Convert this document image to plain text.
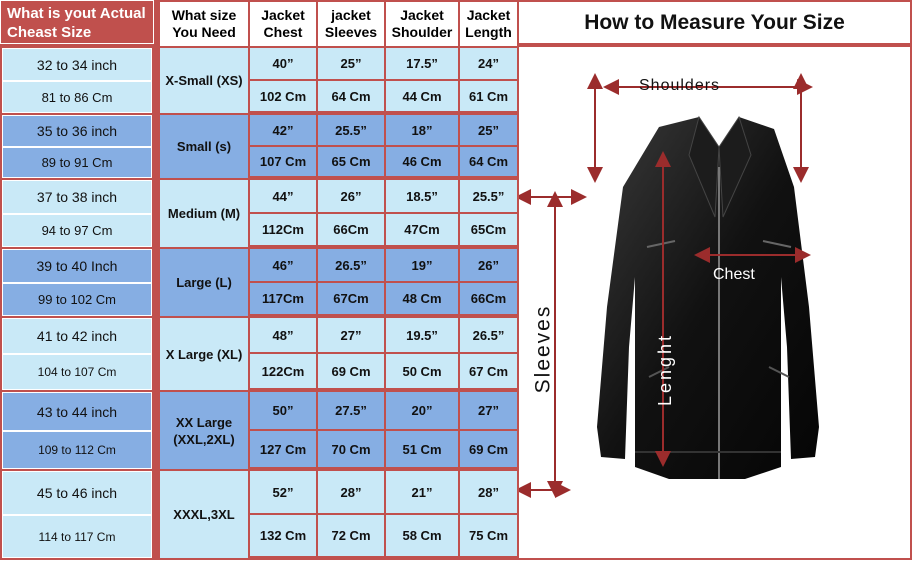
What is yout Actual Cheast Size
What size You Need
Jacket Chest
jacket Sleeves
Jacket Shoulder
Jacket Length
32 to 34 inch
81 to 86 Cm
X-Small (XS)
40”
102 Cm
25”
64 Cm
17.5”
44 Cm
24”
61 Cm
35 to 36 inch
89 to 91 Cm
Small (s)
42”
107 Cm
25.5”
65 Cm
18”
46 Cm
25”
64 Cm
37 to 38 inch
94 to 97 Cm
Medium (M)
44”
112Cm
26”
66Cm
18.5”
47Cm
25.5”
65Cm
39 to 40 Inch
99 to 102 Cm
Large (L)
46”
117Cm
26.5”
67Cm
19”
48 Cm
26”
66Cm
41 to 42 inch
104 to 107 Cm
X Large (XL)
48”
122Cm
27”
69 Cm
19.5”
50 Cm
26.5”
67 Cm
43 to 44 inch
109 to 112 Cm
XX Large (XXL,2XL)
50”
127 Cm
27.5”
70 Cm
20”
51 Cm
27”
69 Cm
45 to 46 inch
114 to 117 Cm
XXXL,3XL
52”
132 Cm
28”
72 Cm
21”
58 Cm
28”
75 Cm
How to Measure Your Size
Shoulders
Chest
Lenght
Sleeves
